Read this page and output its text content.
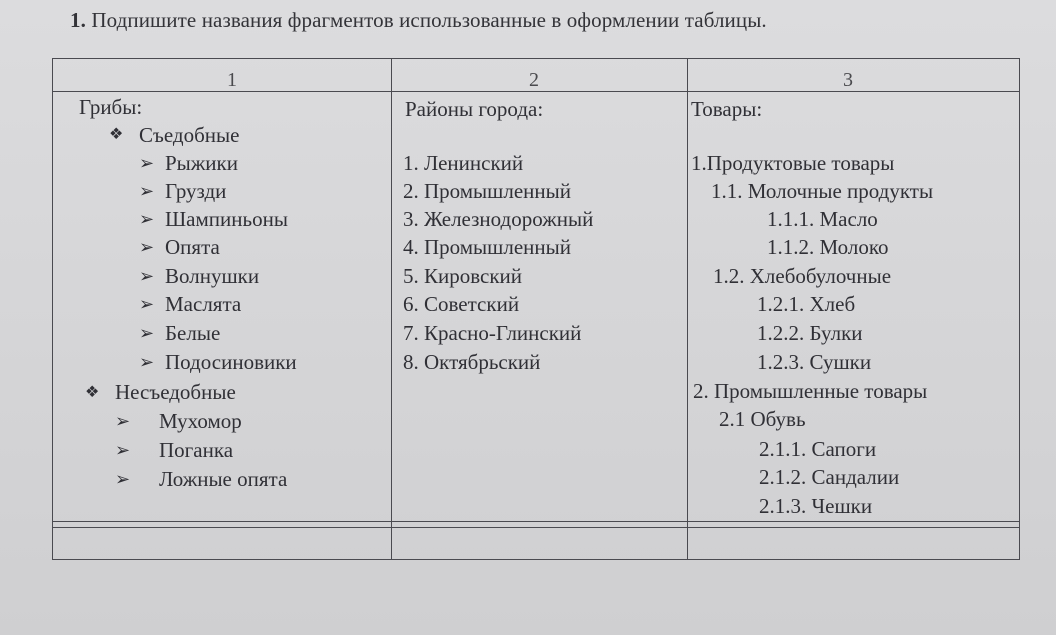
1. Подпишите названия фрагментов использованные в оформлении таблицы.
1	2	3
Грибы:
❖ Съедобные
➢ Рыжики
➢ Грузди
➢ Шампиньоны
➢ Опята
➢ Волнушки
➢ Маслята
➢ Белые
➢ Подосиновики
❖ Несъедобные
➢ Мухомор
➢ Поганка
➢ Ложные опята
Районы города:
1. Ленинский
2. Промышленный
3. Железнодорожный
4. Промышленный
5. Кировский
6. Советский
7. Красно-Глинский
8. Октябрьский
Товары:
1.Продуктовые товары
1.1. Молочные продукты
1.1.1. Масло
1.1.2. Молоко
1.2. Хлебобулочные
1.2.1. Хлеб
1.2.2. Булки
1.2.3. Сушки
2. Промышленные товары
2.1 Обувь
2.1.1. Сапоги
2.1.2. Сандалии
2.1.3. Чешки
